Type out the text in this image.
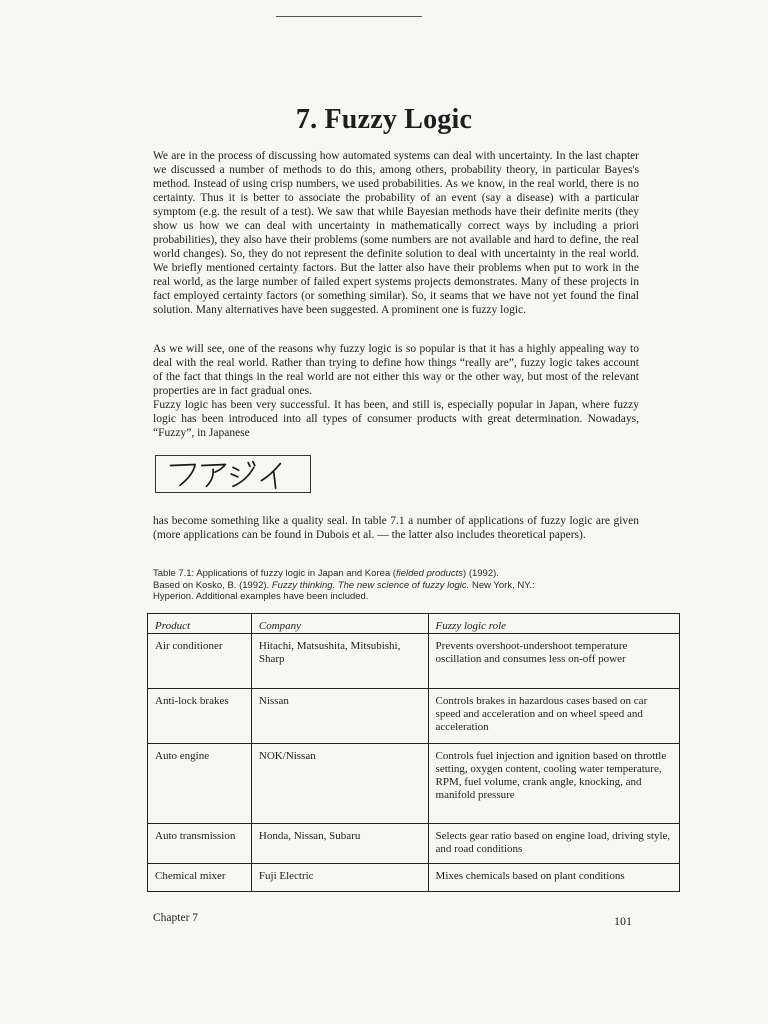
7. Fuzzy Logic

We are in the process of discussing how automated systems can deal with uncertainty. In the last chapter we discussed a number of methods to do this, among others, probability theory, in particular Bayes's method. Instead of using crisp numbers, we used probabilities. As we know, in the real world, there is no certainty. Thus it is better to associate the probability of an event (say a disease) with a particular symptom (e.g. the result of a test). We saw that while Bayesian methods have their definite merits (they show us how we can deal with uncertainty in mathematically correct ways by including a priori probabilities), they also have their problems (some numbers are not available and hard to define, the real world changes). So, they do not represent the definite solution to deal with uncertainty in the real world. We briefly mentioned certainty factors. But the latter also have their problems when put to work in the real world, as the large number of failed expert systems projects demonstrates. Many of these projects in fact employed certainty factors (or something similar). So, it seams that we have not yet found the final solution. Many alternatives have been suggested. A prominent one is fuzzy logic.

As we will see, one of the reasons why fuzzy logic is so popular is that it has a highly appealing way to deal with the real world. Rather than trying to define how things “really are”, fuzzy logic takes account of the fact that things in the real world are not either this way or the other way, but most of the relevant properties are in fact gradual ones.

Fuzzy logic has been very successful. It has been, and still is, especially popular in Japan, where fuzzy logic has been introduced into all types of consumer products with great determination. Nowadays, “Fuzzy”, in Japanese

has become something like a quality seal. In table 7.1 a number of applications of fuzzy logic are given (more applications can be found in Dubois et al. — the latter also includes theoretical papers).

Table 7.1: Applications of fuzzy logic in Japan and Korea (fielded products) (1992).
Based on Kosko, B. (1992). Fuzzy thinking. The new science of fuzzy logic. New York, NY.:
Hyperion. Additional examples have been included.

Product	Company	Fuzzy logic role
Air conditioner	Hitachi, Matsushita, Mitsubishi, Sharp	Prevents overshoot-undershoot temperature oscillation and consumes less on-off power
Anti-lock brakes	Nissan	Controls brakes in hazardous cases based on car speed and acceleration and on wheel speed and acceleration
Auto engine	NOK/Nissan	Controls fuel injection and ignition based on throttle setting, oxygen content, cooling water temperature, RPM, fuel volume, crank angle, knocking, and manifold pressure
Auto transmission	Honda, Nissan, Subaru	Selects gear ratio based on engine load, driving style, and road conditions
Chemical mixer	Fuji Electric	Mixes chemicals based on plant conditions

Chapter 7	101
